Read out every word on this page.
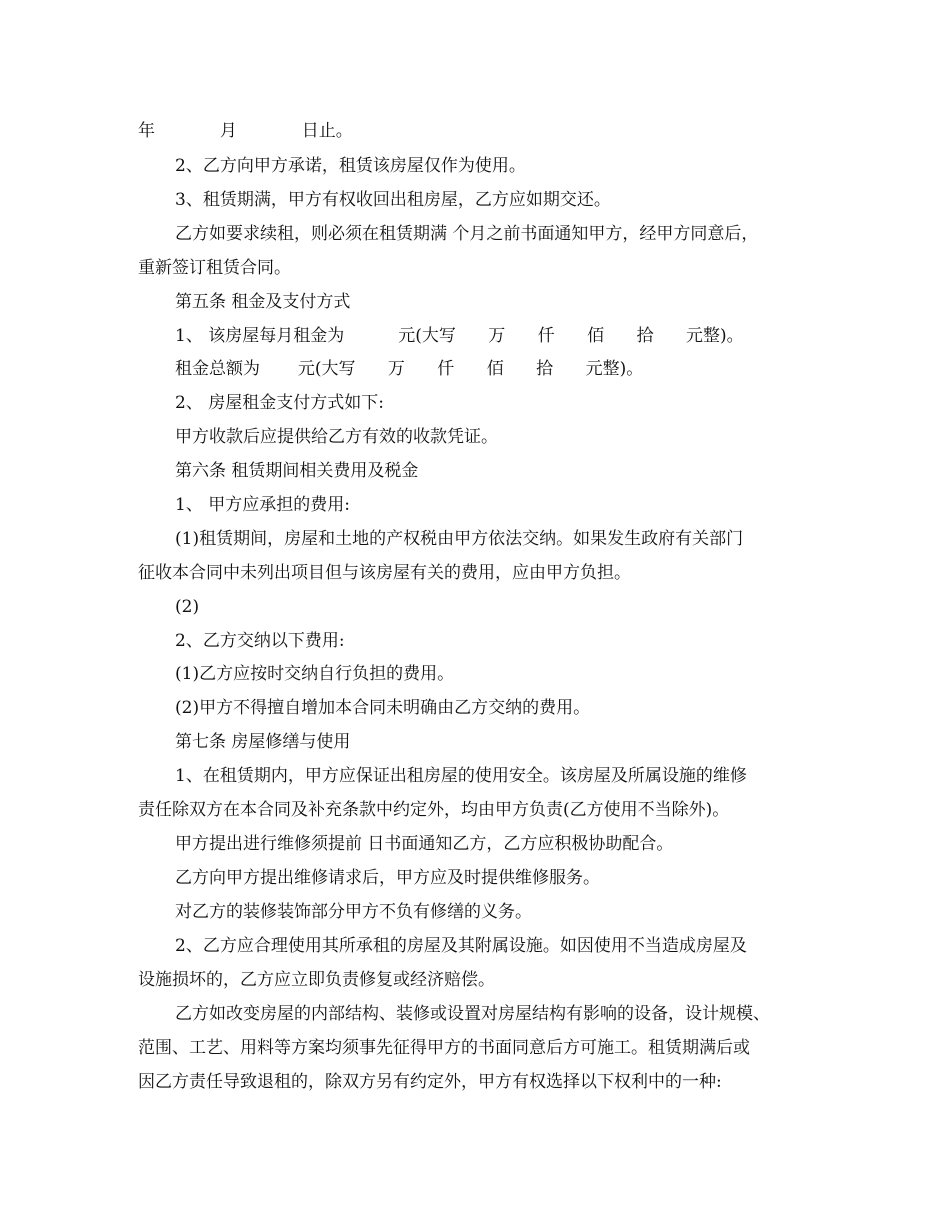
年            月            日止。
2、乙方向甲方承诺，租赁该房屋仅作为使用。
3、租赁期满，甲方有权收回出租房屋，乙方应如期交还。
乙方如要求续租，则必须在租赁期满 个月之前书面通知甲方，经甲方同意后，
重新签订租赁合同。
第五条 租金及支付方式
1、 该房屋每月租金为          元(大写      万      仟      佰      拾      元整)。
租金总额为       元(大写      万      仟      佰      拾      元整)。
2、 房屋租金支付方式如下:
甲方收款后应提供给乙方有效的收款凭证。
第六条 租赁期间相关费用及税金
1、 甲方应承担的费用:
(1)租赁期间，房屋和土地的产权税由甲方依法交纳。如果发生政府有关部门
征收本合同中未列出项目但与该房屋有关的费用，应由甲方负担。
(2)
2、乙方交纳以下费用:
(1)乙方应按时交纳自行负担的费用。
(2)甲方不得擅自增加本合同未明确由乙方交纳的费用。
第七条 房屋修缮与使用
1、在租赁期内，甲方应保证出租房屋的使用安全。该房屋及所属设施的维修
责任除双方在本合同及补充条款中约定外，均由甲方负责(乙方使用不当除外)。
甲方提出进行维修须提前 日书面通知乙方，乙方应积极协助配合。
乙方向甲方提出维修请求后，甲方应及时提供维修服务。
对乙方的装修装饰部分甲方不负有修缮的义务。
2、乙方应合理使用其所承租的房屋及其附属设施。如因使用不当造成房屋及
设施损坏的，乙方应立即负责修复或经济赔偿。
乙方如改变房屋的内部结构、装修或设置对房屋结构有影响的设备，设计规模、
范围、工艺、用料等方案均须事先征得甲方的书面同意后方可施工。租赁期满后或
因乙方责任导致退租的，除双方另有约定外，甲方有权选择以下权利中的一种:
